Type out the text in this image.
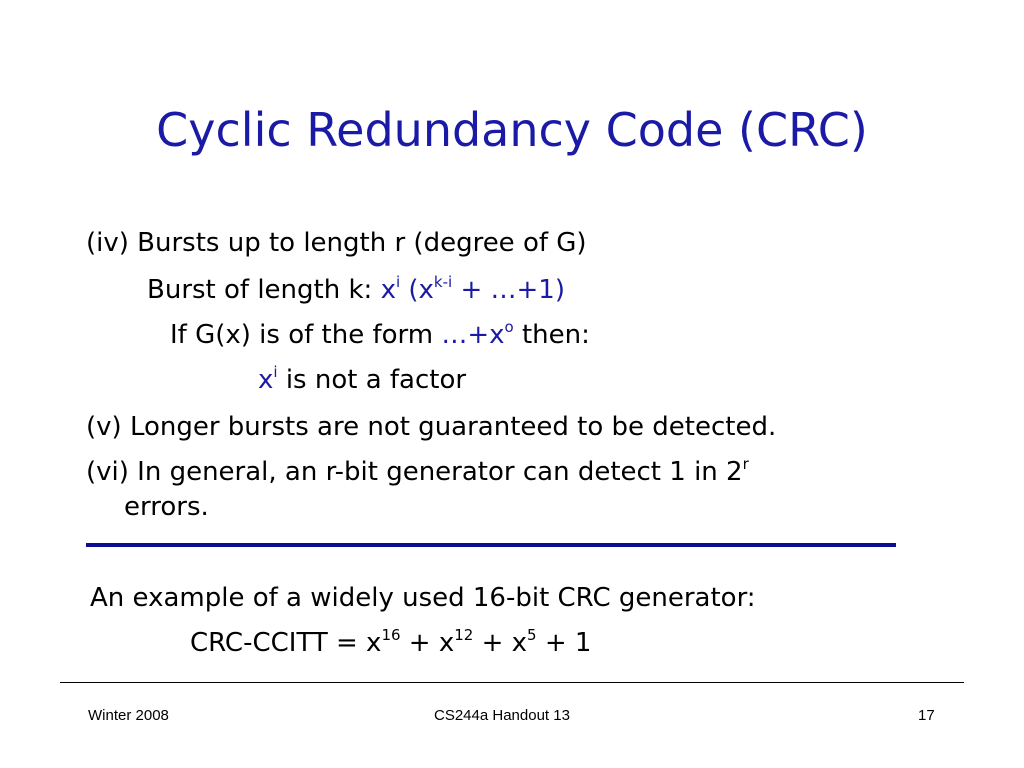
Cyclic Redundancy Code (CRC)
(iv) Bursts up to length r (degree of G)
Burst of length k: $x^i$ ($x^{k-i}$ + …+1)
If G(x) is of the form $\dots+x^o$ then:
$x^i$ is not a factor
(v) Longer bursts are not guaranteed to be detected.
(vi) In general, an r-bit generator can detect 1 in 2$^r$
errors.
An example of a widely used 16-bit CRC generator:
CRC-CCITT = $x^{16} + x^{12} + x^5 + 1$
Winter 2008	CS244a Handout 13	17
